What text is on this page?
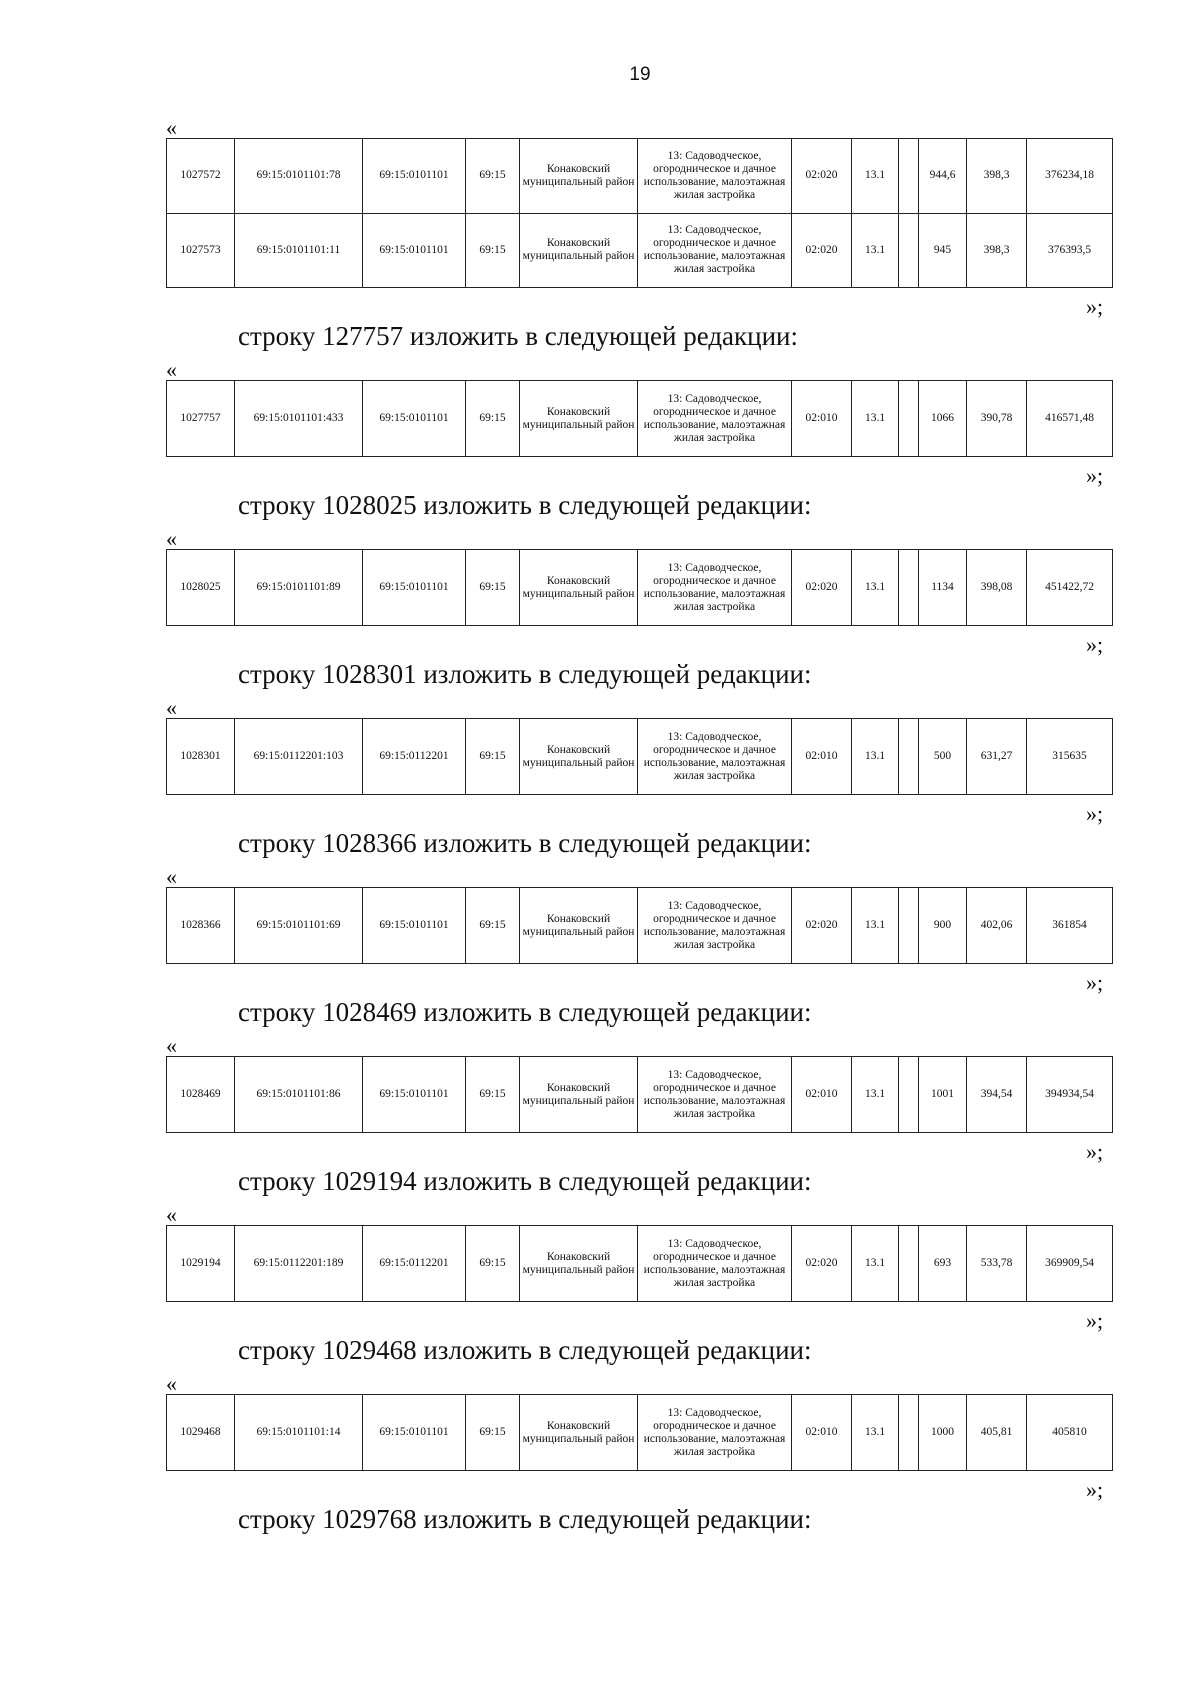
19
«
1027572	69:15:0101101:78	69:15:0101101	69:15	Конаковский муниципальный район	13: Садоводческое, огородническое и дачное использование, малоэтажная жилая застройка	02:020	13.1		944,6	398,3	376234,18
1027573	69:15:0101101:11	69:15:0101101	69:15	Конаковский муниципальный район	13: Садоводческое, огородническое и дачное использование, малоэтажная жилая застройка	02:020	13.1		945	398,3	376393,5
»;
строку 127757 изложить в следующей редакции:
«
1027757	69:15:0101101:433	69:15:0101101	69:15	Конаковский муниципальный район	13: Садоводческое, огородническое и дачное использование, малоэтажная жилая застройка	02:010	13.1		1066	390,78	416571,48
»;
строку 1028025 изложить в следующей редакции:
«
1028025	69:15:0101101:89	69:15:0101101	69:15	Конаковский муниципальный район	13: Садоводческое, огородническое и дачное использование, малоэтажная жилая застройка	02:020	13.1		1134	398,08	451422,72
»;
строку 1028301 изложить в следующей редакции:
«
1028301	69:15:0112201:103	69:15:0112201	69:15	Конаковский муниципальный район	13: Садоводческое, огородническое и дачное использование, малоэтажная жилая застройка	02:010	13.1		500	631,27	315635
»;
строку 1028366 изложить в следующей редакции:
«
1028366	69:15:0101101:69	69:15:0101101	69:15	Конаковский муниципальный район	13: Садоводческое, огородническое и дачное использование, малоэтажная жилая застройка	02:020	13.1		900	402,06	361854
»;
строку 1028469 изложить в следующей редакции:
«
1028469	69:15:0101101:86	69:15:0101101	69:15	Конаковский муниципальный район	13: Садоводческое, огородническое и дачное использование, малоэтажная жилая застройка	02:010	13.1		1001	394,54	394934,54
»;
строку 1029194 изложить в следующей редакции:
«
1029194	69:15:0112201:189	69:15:0112201	69:15	Конаковский муниципальный район	13: Садоводческое, огородническое и дачное использование, малоэтажная жилая застройка	02:020	13.1		693	533,78	369909,54
»;
строку 1029468 изложить в следующей редакции:
«
1029468	69:15:0101101:14	69:15:0101101	69:15	Конаковский муниципальный район	13: Садоводческое, огородническое и дачное использование, малоэтажная жилая застройка	02:010	13.1		1000	405,81	405810
»;
строку 1029768 изложить в следующей редакции:
